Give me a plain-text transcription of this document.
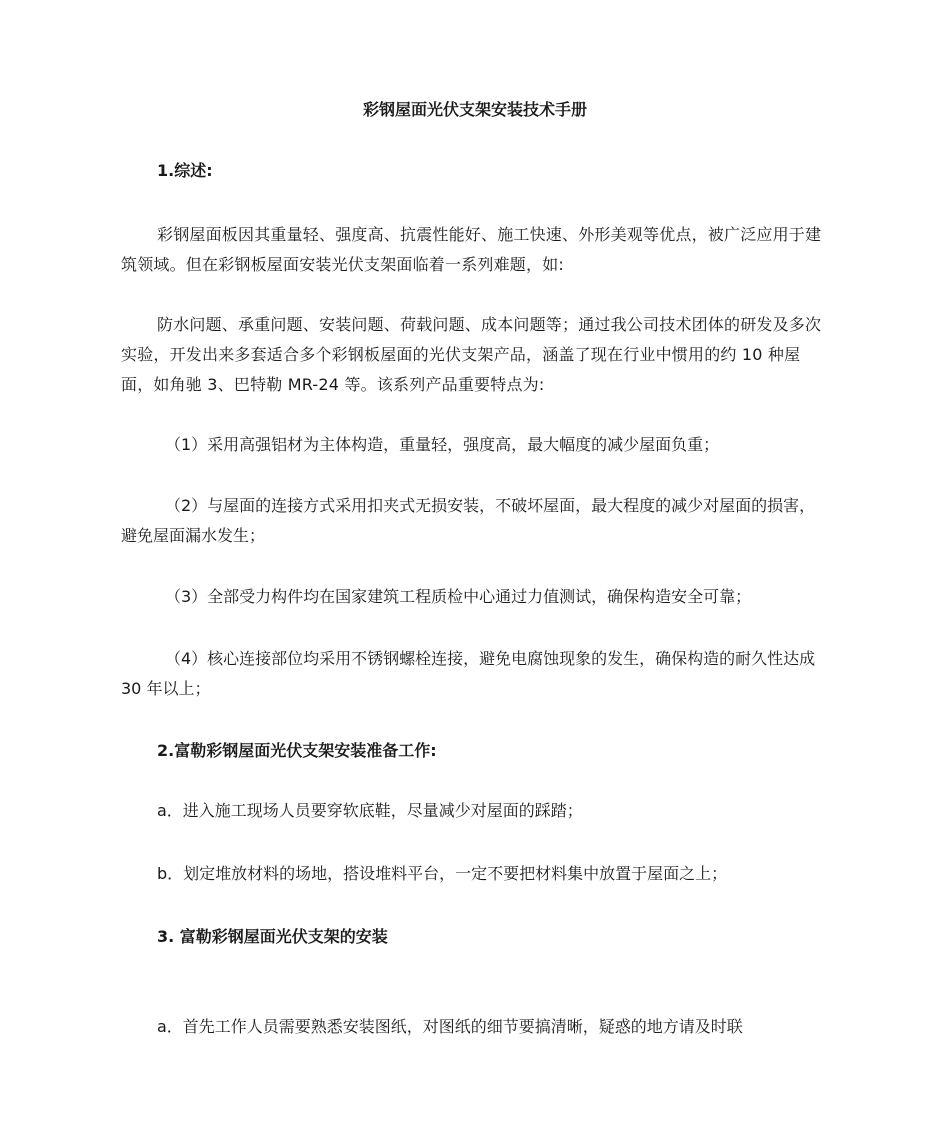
彩钢屋面光伏支架安装技术手册
1.综述:
彩钢屋面板因其重量轻、强度高、抗震性能好、施工快速、外形美观等优点，被广泛应用于建筑领域。但在彩钢板屋面安装光伏支架面临着一系列难题，如:
防水问题、承重问题、安装问题、荷载问题、成本问题等；通过我公司技术团体的研发及多次实验，开发出来多套适合多个彩钢板屋面的光伏支架产品，涵盖了现在行业中惯用的约 10 种屋面，如角驰 3、巴特勒 MR-24 等。该系列产品重要特点为:
（1）采用高强铝材为主体构造，重量轻，强度高，最大幅度的减少屋面负重；
（2）与屋面的连接方式采用扣夹式无损安装，不破坏屋面，最大程度的减少对屋面的损害，避免屋面漏水发生；
（3）全部受力构件均在国家建筑工程质检中心通过力值测试，确保构造安全可靠；
（4）核心连接部位均采用不锈钢螺栓连接，避免电腐蚀现象的发生，确保构造的耐久性达成 30 年以上；
2.富勒彩钢屋面光伏支架安装准备工作:
a．进入施工现场人员要穿软底鞋，尽量减少对屋面的踩踏；
b．划定堆放材料的场地，搭设堆料平台，一定不要把材料集中放置于屋面之上；
3. 富勒彩钢屋面光伏支架的安装
a．首先工作人员需要熟悉安装图纸，对图纸的细节要搞清晰，疑惑的地方请及时联
